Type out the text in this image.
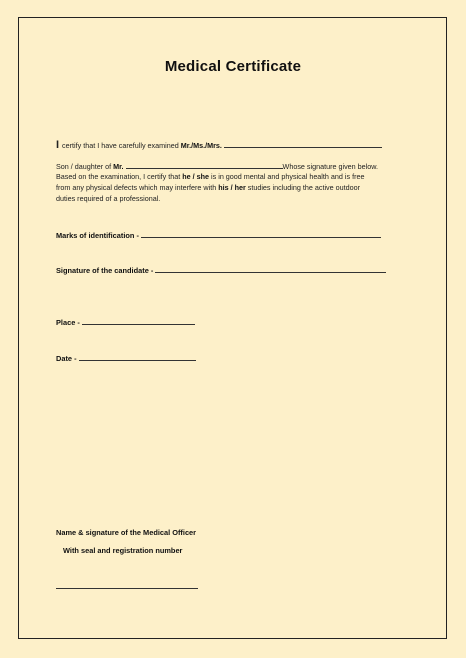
Medical Certificate
I certify that I have carefully examined Mr./Ms./Mrs.
Son / daughter of Mr.	Whose signature given below.
Based on the examination, I certify that he / she is in good mental and physical health and is free
from any physical defects which may interfere with his / her studies including the active outdoor
duties required of a professional.
Marks of identification -
Signature of the candidate -
Place -
Date -
Name & signature of the Medical Officer
With seal and registration number
